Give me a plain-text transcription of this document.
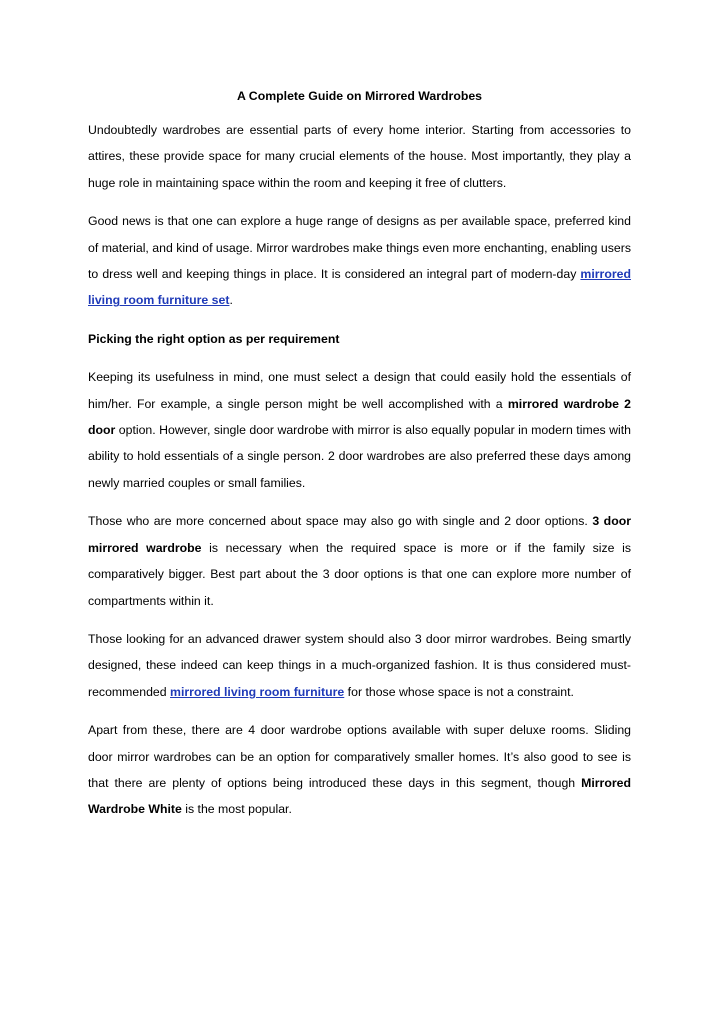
A Complete Guide on Mirrored Wardrobes

Undoubtedly wardrobes are essential parts of every home interior. Starting from accessories to attires, these provide space for many crucial elements of the house. Most importantly, they play a huge role in maintaining space within the room and keeping it free of clutters.

Good news is that one can explore a huge range of designs as per available space, preferred kind of material, and kind of usage. Mirror wardrobes make things even more enchanting, enabling users to dress well and keeping things in place. It is considered an integral part of modern-day mirrored living room furniture set.

Picking the right option as per requirement

Keeping its usefulness in mind, one must select a design that could easily hold the essentials of him/her. For example, a single person might be well accomplished with a mirrored wardrobe 2 door option. However, single door wardrobe with mirror is also equally popular in modern times with ability to hold essentials of a single person. 2 door wardrobes are also preferred these days among newly married couples or small families.

Those who are more concerned about space may also go with single and 2 door options. 3 door mirrored wardrobe is necessary when the required space is more or if the family size is comparatively bigger. Best part about the 3 door options is that one can explore more number of compartments within it.

Those looking for an advanced drawer system should also 3 door mirror wardrobes. Being smartly designed, these indeed can keep things in a much-organized fashion. It is thus considered must-recommended mirrored living room furniture for those whose space is not a constraint.

Apart from these, there are 4 door wardrobe options available with super deluxe rooms. Sliding door mirror wardrobes can be an option for comparatively smaller homes. It’s also good to see is that there are plenty of options being introduced these days in this segment, though Mirrored Wardrobe White is the most popular.
